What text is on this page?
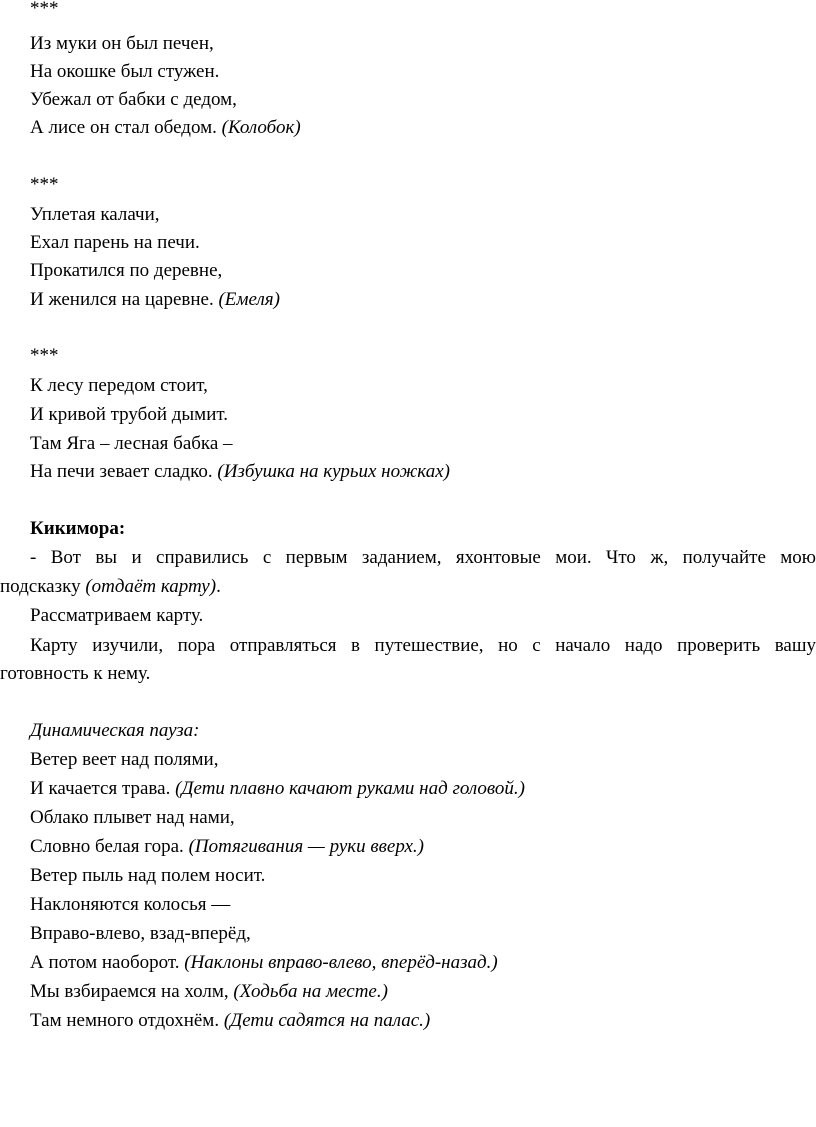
***
Из муки он был печен,
На окошке был стужен.
Убежал от бабки с дедом,
А лисе он стал обедом. (Колобок)
***
Уплетая калачи,
Ехал парень на печи.
Прокатился по деревне,
И женился на царевне. (Емеля)
***
К лесу передом стоит,
И кривой трубой дымит.
Там Яга – лесная бабка –
На печи зевает сладко. (Избушка на курьих ножках)
Кикимора:
- Вот вы и справились с первым заданием, яхонтовые мои. Что ж, получайте мою
подсказку (отдаёт карту).
Рассматриваем карту.
Карту изучили, пора отправляться в путешествие, но с начало надо проверить вашу
готовность к нему.
Динамическая пауза:
Ветер веет над полями,
И качается трава. (Дети плавно качают руками над головой.)
Облако плывет над нами,
Словно белая гора. (Потягивания — руки вверх.)
Ветер пыль над полем носит.
Наклоняются колосья —
Вправо-влево, взад-вперёд,
А потом наоборот. (Наклоны вправо-влево, вперёд-назад.)
Мы взбираемся на холм, (Ходьба на месте.)
Там немного отдохнём. (Дети садятся на палас.)
